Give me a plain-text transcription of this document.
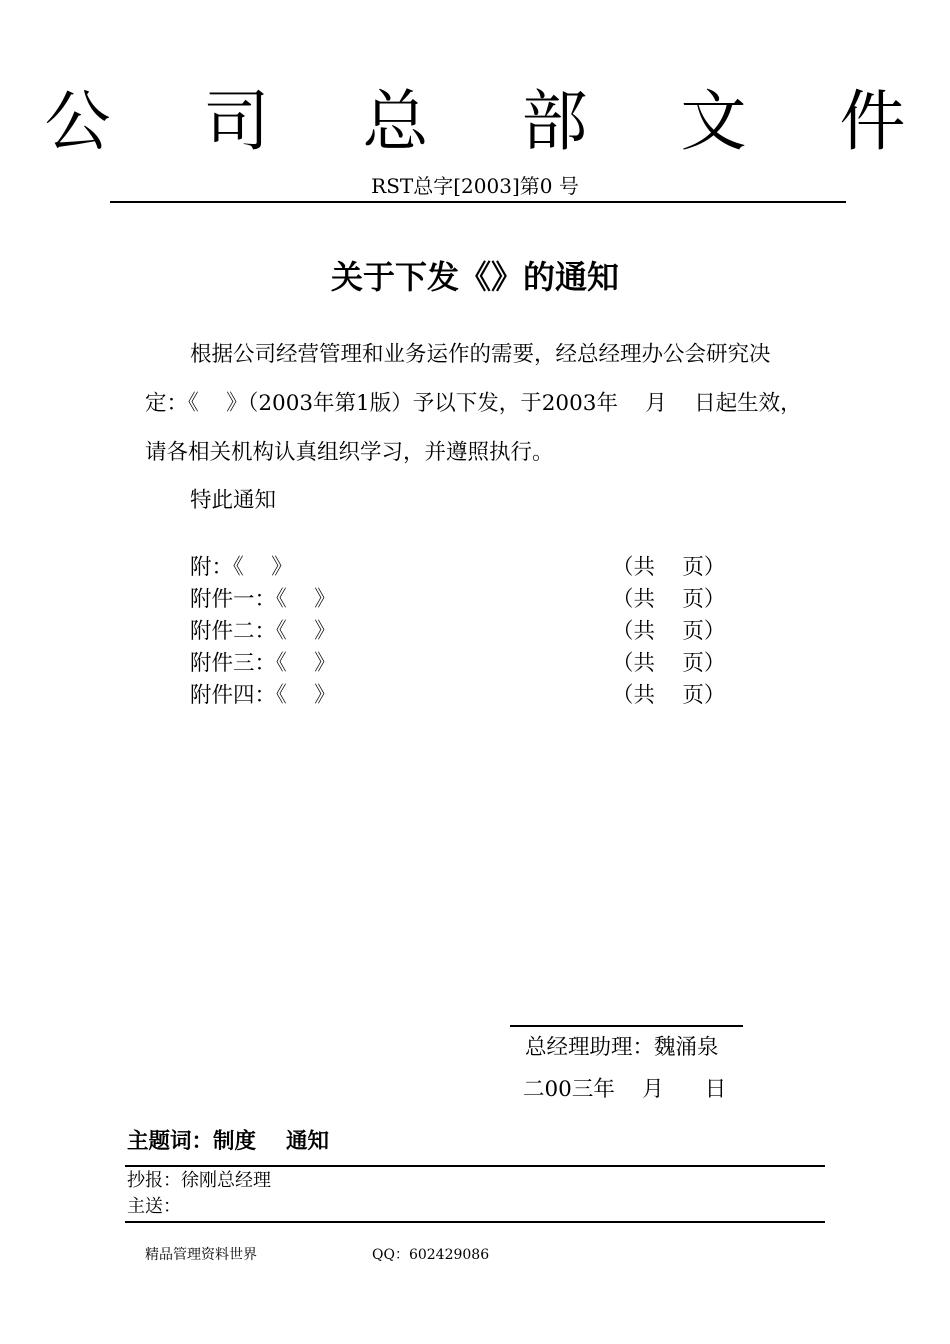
公 司 总 部 文 件
RST总字[2003]第0 号
关于下发《》的通知

根据公司经营管理和业务运作的需要，经总经理办公会研究决

定：《    》（2003年第1版）予以下发，于2003年    月    日起生效，

请各相关机构认真组织学习，并遵照执行。

特此通知
附：《    》	（共    页）
附件一：《    》	（共    页）
附件二：《    》	（共    页）
附件三：《    》	（共    页）
附件四：《    》	（共    页）
总经理助理：魏涌泉
二00三年    月      日
主题词：制度    通知
抄报：徐刚总经理
主送：
精品管理资料世界	QQ：602429086
